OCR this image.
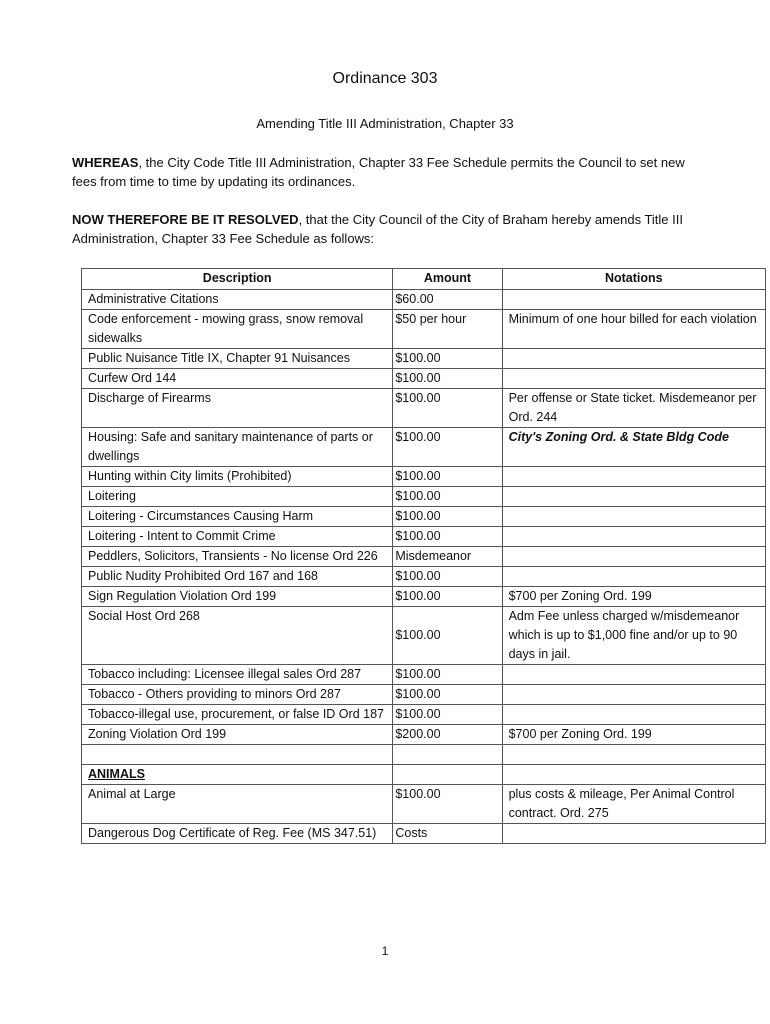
Ordinance 303
Amending Title III Administration, Chapter 33
WHEREAS, the City Code Title III Administration, Chapter 33 Fee Schedule permits the Council to set new fees from time to time by updating its ordinances.
NOW THEREFORE BE IT RESOLVED, that the City Council of the City of Braham hereby amends Title III Administration, Chapter 33 Fee Schedule as follows:
Description	Amount	Notations
Administrative Citations	$60.00	
Code enforcement - mowing grass, snow removal sidewalks	$50 per hour	Minimum of one hour billed for each violation
Public Nuisance Title IX, Chapter 91 Nuisances	$100.00	
Curfew Ord 144	$100.00	
Discharge of Firearms	$100.00	Per offense or State ticket. Misdemeanor per Ord. 244
Housing: Safe and sanitary maintenance of parts or dwellings	$100.00	City's Zoning Ord. & State Bldg Code
Hunting within City limits (Prohibited)	$100.00	
Loitering	$100.00	
Loitering - Circumstances Causing Harm	$100.00	
Loitering - Intent to Commit Crime	$100.00	
Peddlers, Solicitors, Transients - No license Ord 226	Misdemeanor	
Public Nudity Prohibited Ord 167 and 168	$100.00	
Sign Regulation Violation Ord 199	$100.00	$700 per Zoning Ord. 199
Social Host Ord 268	$100.00	Adm Fee unless charged w/misdemeanor which is up to $1,000 fine and/or up to 90 days in jail.
Tobacco including: Licensee illegal sales Ord 287	$100.00	
Tobacco - Others providing to minors Ord 287	$100.00	
Tobacco-illegal use, procurement, or false ID Ord 187	$100.00	
Zoning Violation Ord 199	$200.00	$700 per Zoning Ord. 199

ANIMALS		
Animal at Large	$100.00	plus costs & mileage, Per Animal Control contract. Ord. 275
Dangerous Dog Certificate of Reg. Fee (MS 347.51)	Costs	
1
